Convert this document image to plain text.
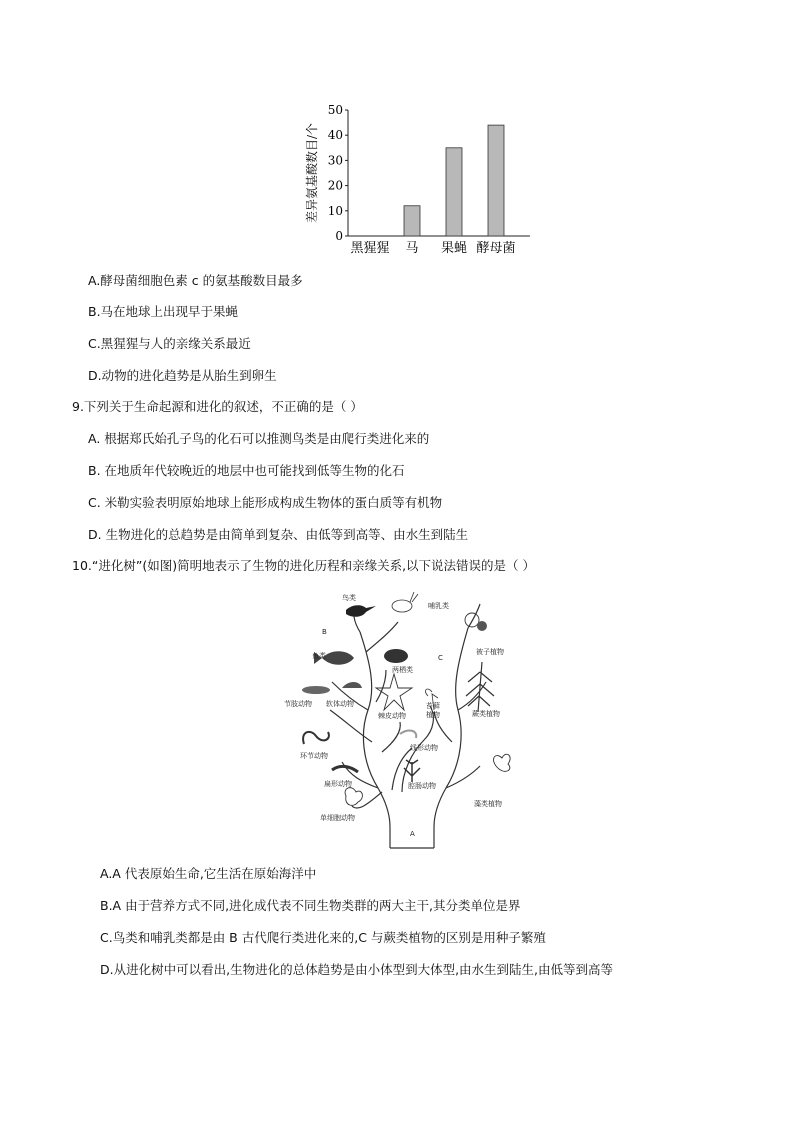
差异氨基酸数目/个
0
10
20
30
40
50
黑猩猩 马 果蝇 酵母菌
A.酵母菌细胞色素 c 的氨基酸数目最多
B.马在地球上出现早于果蝇
C.黑猩猩与人的亲缘关系最近
D.动物的进化趋势是从胎生到卵生
9.下列关于生命起源和进化的叙述，不正确的是（ ）
A. 根据郑氏始孔子鸟的化石可以推测鸟类是由爬行类进化来的
B. 在地质年代较晚近的地层中也可能找到低等生物的化石
C. 米勒实验表明原始地球上能形成构成生物体的蛋白质等有机物
D. 生物进化的总趋势是由简单到复杂、由低等到高等、由水生到陆生
10.“进化树”(如图)简明地表示了生物的进化历程和亲缘关系,以下说法错误的是（ ）
鸟类
哺乳类
B
C
鱼类
两栖类
被子植物
节肢动物 软体动物
棘皮动物
苔藓
植物	蕨类植物
线形动物
环节动物
腔肠动物
扁形动物
单细胞动物
藻类植物
A
A.A 代表原始生命,它生活在原始海洋中
B.A 由于营养方式不同,进化成代表不同生物类群的两大主干,其分类单位是界
C.鸟类和哺乳类都是由 B 古代爬行类进化来的,C 与蕨类植物的区别是用种子繁殖
D.从进化树中可以看出,生物进化的总体趋势是由小体型到大体型,由水生到陆生,由低等到高等
